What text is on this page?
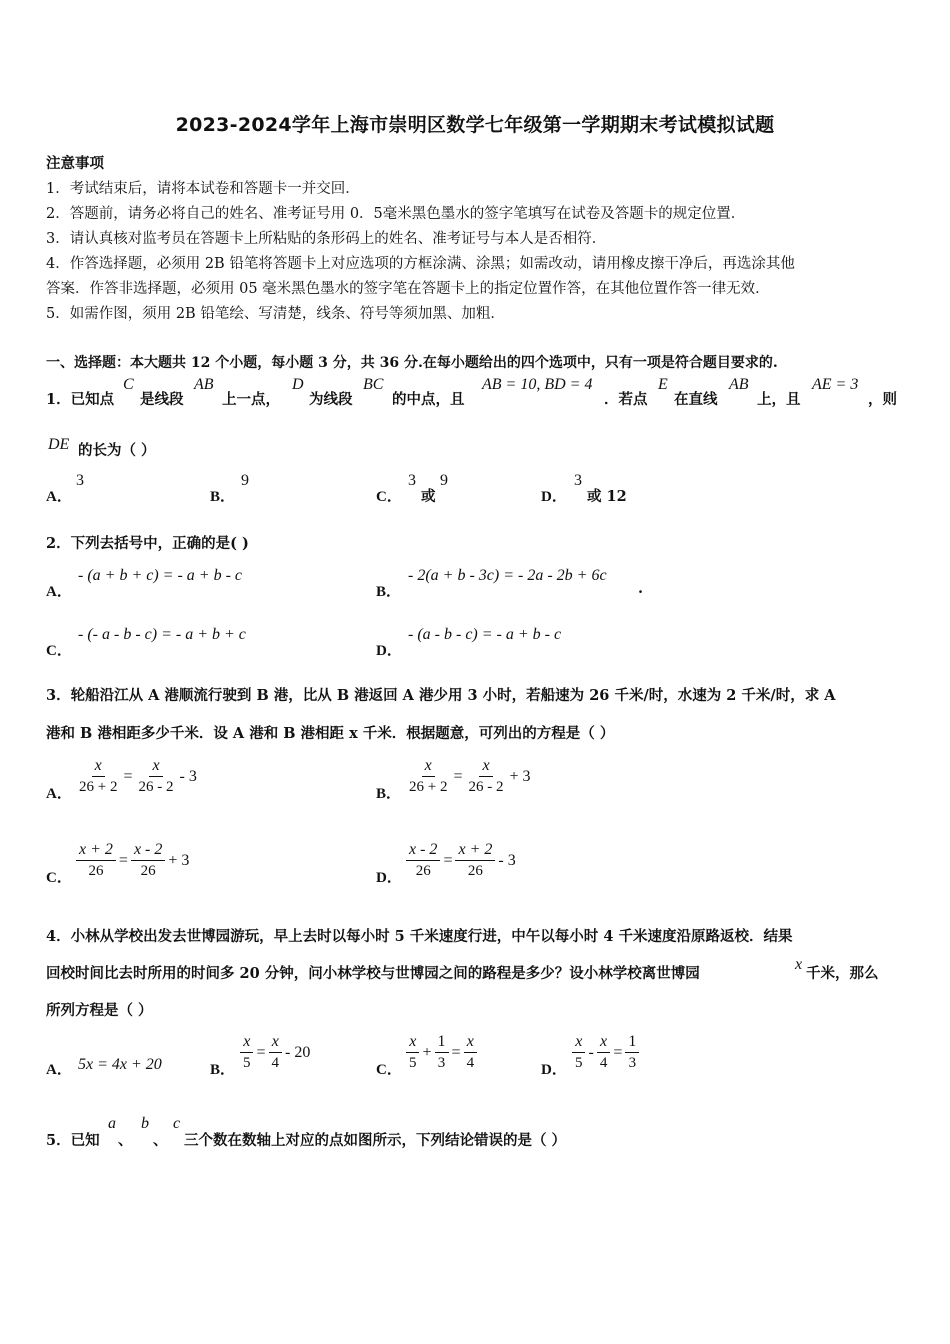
2023-2024学年上海市崇明区数学七年级第一学期期末考试模拟试题
注意事项
1．考试结束后，请将本试卷和答题卡一并交回．
2．答题前，请务必将自己的姓名、准考证号用 0．5毫米黑色墨水的签字笔填写在试卷及答题卡的规定位置．
3．请认真核对监考员在答题卡上所粘贴的条形码上的姓名、准考证号与本人是否相符．
4．作答选择题，必须用 2B 铅笔将答题卡上对应选项的方框涂满、涂黑；如需改动，请用橡皮擦干净后，再选涂其他
答案．作答非选择题，必须用 05 毫米黑色墨水的签字笔在答题卡上的指定位置作答，在其他位置作答一律无效．
5．如需作图，须用 2B 铅笔绘、写清楚，线条、符号等须加黑、加粗．
一、选择题：本大题共 12 个小题，每小题 3 分，共 36 分.在每小题给出的四个选项中，只有一项是符合题目要求的.
1．已知点
C
是线段
AB
上一点，
D
为线段
BC
的中点，且
AB = 10, BD = 4
．若点
E
在直线
AB
上，且
AE = 3
，则
DE 的长为（ ）
A．
3
B．
9
C．
3
或
9
D．
3
或 12
2．下列去括号中，正确的是( )
A．
- (a + b + c) = - a + b - c
B．
- 2(a + b - 3c) = - 2a - 2b + 6c
.
C．
- (- a - b - c) = - a + b + c
D．
- (a - b - c) = - a + b - c
3．轮船沿江从 A 港顺流行驶到 B 港，比从 B 港返回 A 港少用 3 小时，若船速为 26 千米/时，水速为 2 千米/时，求 A
港和 B 港相距多少千米．设 A 港和 B 港相距 x 千米．根据题意，可列出的方程是（ ）
A． $\frac{x}{26 + 2} = \frac{x}{26 - 2} - 3$
B． $\frac{x}{26 + 2} = \frac{x}{26 - 2} + 3$
C． $\frac{x + 2}{26} = \frac{x - 2}{26} + 3$
D． $\frac{x - 2}{26} = \frac{x + 2}{26} - 3$
4．小林从学校出发去世博园游玩，早上去时以每小时 5 千米速度行进，中午以每小时 4 千米速度沿原路返校．结果
回校时间比去时所用的时间多 20 分钟，问小林学校与世博园之间的路程是多少？设小林学校离世博园
x
千米，那么
所列方程是（ ）
A． 5x = 4x + 20	B． $\frac{x}{5} = \frac{x}{4} - 20$
C． $\frac{x}{5} + \frac{1}{3} = \frac{x}{4}$	D． $\frac{x}{5} - \frac{x}{4} = \frac{1}{3}$
5．已知
a
、
b
、
c
三个数在数轴上对应的点如图所示，下列结论错误的是（ ）
